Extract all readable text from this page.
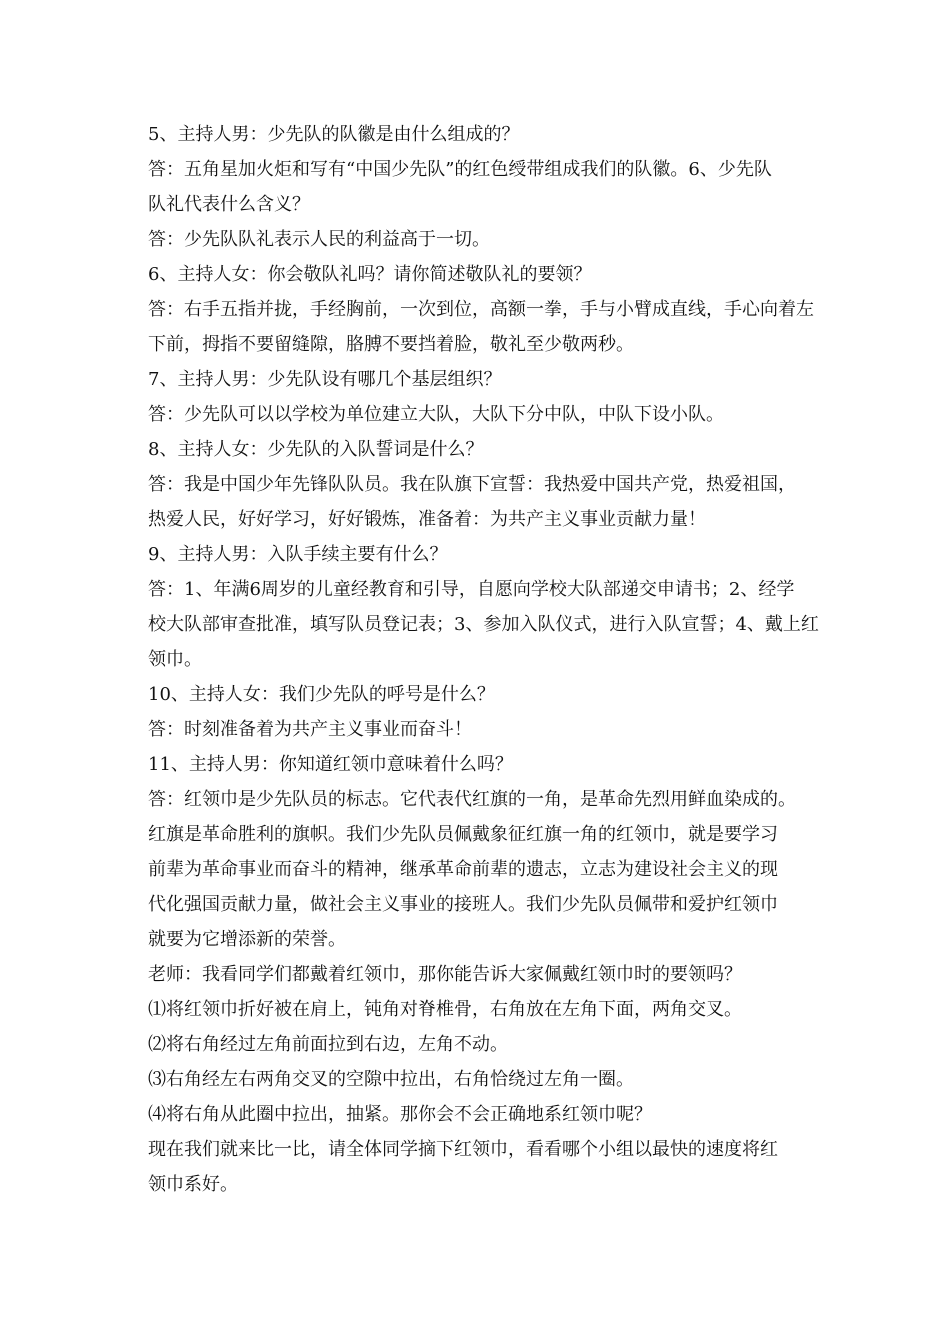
5、主持人男：少先队的队徽是由什么组成的？
答：五角星加火炬和写有“中国少先队”的红色绶带组成我们的队徽。6、少先队
队礼代表什么含义？
答：少先队队礼表示人民的利益高于一切。
6、主持人女：你会敬队礼吗？请你简述敬队礼的要领？
答：右手五指并拢，手经胸前，一次到位，高额一拳，手与小臂成直线，手心向着左
下前，拇指不要留缝隙，胳膊不要挡着脸，敬礼至少敬两秒。
7、主持人男：少先队设有哪几个基层组织？
答：少先队可以以学校为单位建立大队，大队下分中队，中队下设小队。
8、主持人女：少先队的入队誓词是什么？
答：我是中国少年先锋队队员。我在队旗下宣誓：我热爱中国共产党，热爱祖国，
热爱人民，好好学习，好好锻炼，准备着：为共产主义事业贡献力量！
9、主持人男：入队手续主要有什么？
答：1、年满6周岁的儿童经教育和引导，自愿向学校大队部递交申请书；2、经学
校大队部审查批准，填写队员登记表；3、参加入队仪式，进行入队宣誓；4、戴上红
领巾。
10、主持人女：我们少先队的呼号是什么？
答：时刻准备着为共产主义事业而奋斗！
11、主持人男：你知道红领巾意味着什么吗？
答：红领巾是少先队员的标志。它代表代红旗的一角，是革命先烈用鲜血染成的。
红旗是革命胜利的旗帜。我们少先队员佩戴象征红旗一角的红领巾，就是要学习
前辈为革命事业而奋斗的精神，继承革命前辈的遗志，立志为建设社会主义的现
代化强国贡献力量，做社会主义事业的接班人。我们少先队员佩带和爱护红领巾
就要为它增添新的荣誉。
老师：我看同学们都戴着红领巾，那你能告诉大家佩戴红领巾时的要领吗？
⑴将红领巾折好被在肩上，钝角对脊椎骨，右角放在左角下面，两角交叉。
⑵将右角经过左角前面拉到右边，左角不动。
⑶右角经左右两角交叉的空隙中拉出，右角恰绕过左角一圈。
⑷将右角从此圈中拉出，抽紧。那你会不会正确地系红领巾呢？
现在我们就来比一比，请全体同学摘下红领巾，看看哪个小组以最快的速度将红
领巾系好。
